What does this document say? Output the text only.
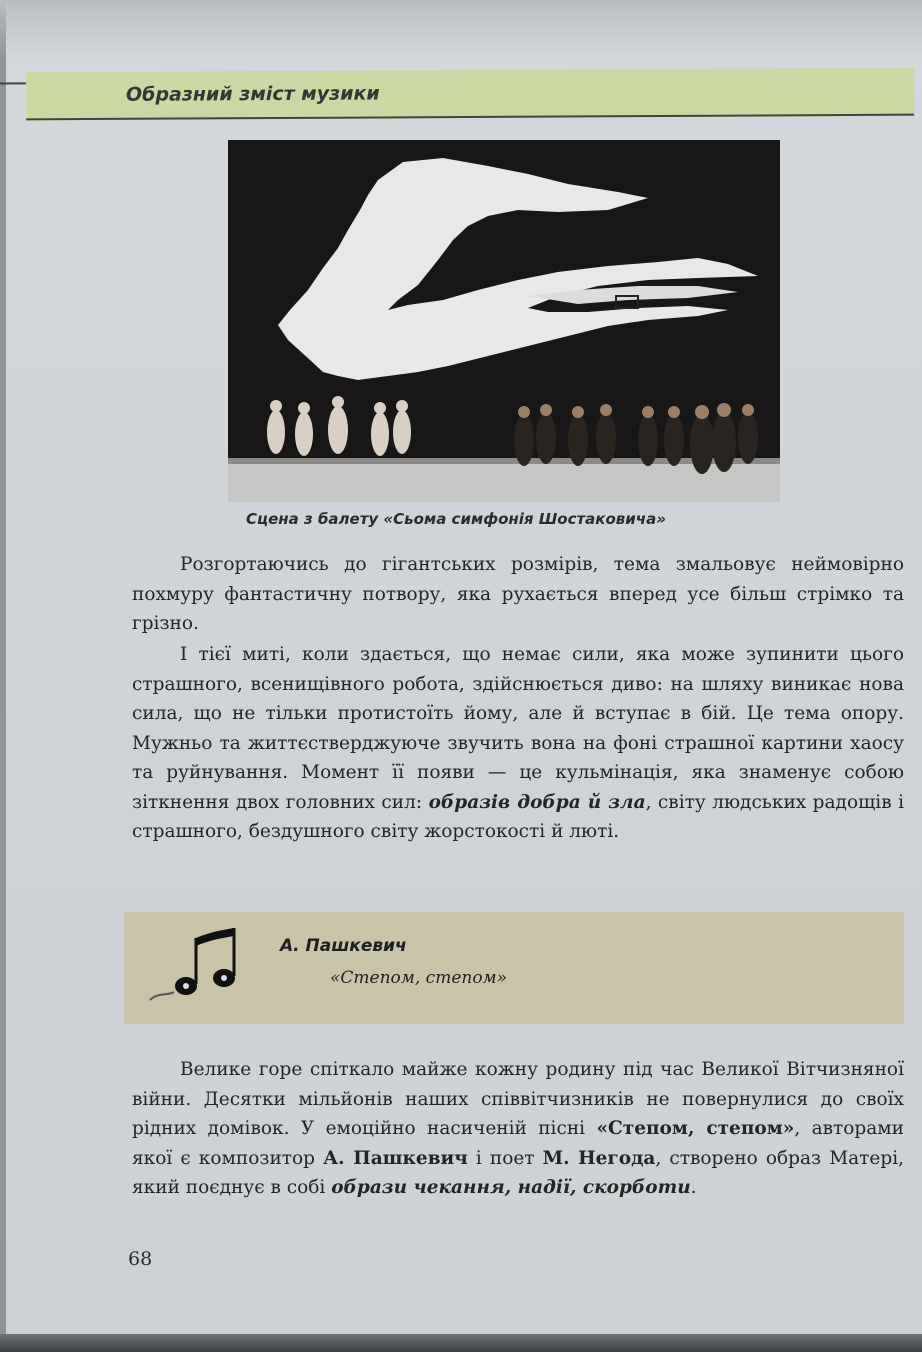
Образний зміст музики
Сцена з балету «Сьома симфонія Шостаковича»
Розгортаючись до гігантських розмірів, тема змальовує неймовірно похмуру фантастичну потвору, яка рухається вперед усе більш стрімко та грізно.
І тієї миті, коли здається, що немає сили, яка може зупинити цього страшного, всенищівного робота, здійснюється диво: на шляху виникає нова сила, що не тільки протистоїть йому, але й вступає в бій. Це тема опору. Мужньо та життєстверджуюче звучить вона на фоні страшної картини хаосу та руйнування. Момент її появи — це кульмінація, яка знаменує собою зіткнення двох головних сил: образів добра й зла, світу людських радощів і страшного, бездушного світу жорстокості й люті.
А. Пашкевич
«Степом, степом»
Велике горе спіткало майже кожну родину під час Великої Вітчизняної війни. Десятки мільйонів наших співвітчизників не повернулися до своїх рідних домівок. У емоційно насиченій пісні «Степом, степом», авторами якої є композитор А. Пашкевич і поет М. Негода, створено образ Матері, який поєднує в собі образи чекання, надії, скорботи.
68
